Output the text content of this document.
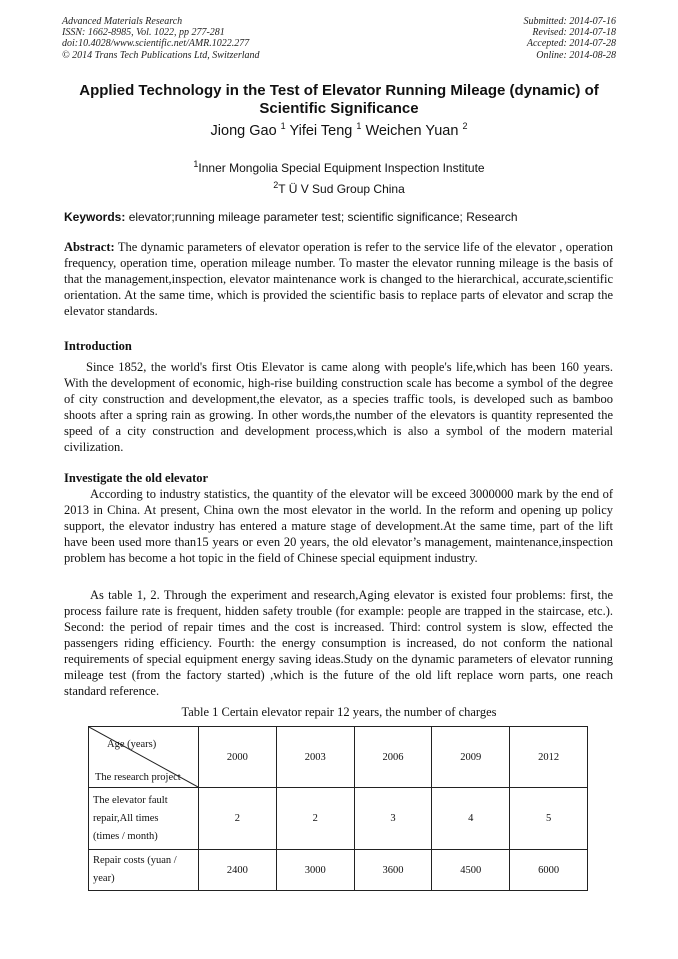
Advanced Materials Research
ISSN: 1662-8985, Vol. 1022, pp 277-281
doi:10.4028/www.scientific.net/AMR.1022.277
© 2014 Trans Tech Publications Ltd, Switzerland
Submitted: 2014-07-16
Revised: 2014-07-18
Accepted: 2014-07-28
Online: 2014-08-28
Applied Technology in the Test of Elevator Running Mileage (dynamic) of Scientific Significance
Jiong Gao $^1$ Yifei Teng $^1$ Weichen Yuan $^2$
$^1$Inner Mongolia Special Equipment Inspection Institute
$^2$T Ü V Sud Group China
Keywords: elevator;running mileage parameter test; scientific significance; Research
Abstract: The dynamic parameters of elevator operation is refer to the service life of the elevator , operation frequency, operation time, operation mileage number. To master the elevator running mileage is the basis of that the management,inspection, elevator maintenance work is changed to the hierarchical, accurate,scientific orientation. At the same time, which is provided the scientific basis to replace parts of elevator and scrap the elevator standards.
Introduction
Since 1852, the world's first Otis Elevator is came along with people's life,which has been 160 years. With the development of economic, high-rise building construction scale has become a symbol of the degree of city construction and development,the elevator, as a species traffic tools, is developed such as bamboo shoots after a spring rain as growing. In other words,the number of the elevators is quantity represented the speed of a city construction and development process,which is also a symbol of the modern material civilization.
Investigate the old elevator
According to industry statistics, the quantity of the elevator will be exceed 3000000 mark by the end of 2013 in China. At present, China own the most elevator in the world. In the reform and opening up policy support, the elevator industry has entered a mature stage of development.At the same time, part of the lift have been used more than15 years or even 20 years, the old elevator’s management, maintenance,inspection problem has become a hot topic in the field of Chinese special equipment industry.
As table 1, 2. Through the experiment and research,Aging elevator is existed four problems: first, the process failure rate is frequent, hidden safety trouble (for example: people are trapped in the staircase, etc.). Second: the period of repair times and the cost is increased. Third: control system is slow, effected the passengers riding efficiency. Fourth: the energy consumption is increased, do not conform the national requirements of special equipment energy saving ideas.Study on the dynamic parameters of elevator running mileage test (from the factory started) ,which is the future of the old lift replace worn parts, one reach standard reference.
Table 1 Certain elevator repair 12 years, the number of charges
Age (years)
The research project	2000	2003	2006	2009	2012

The elevator fault
repair,All times
(times / month)	2	2	3	4	5

Repair costs (yuan /
year)	2400	3000	3600	4500	6000
